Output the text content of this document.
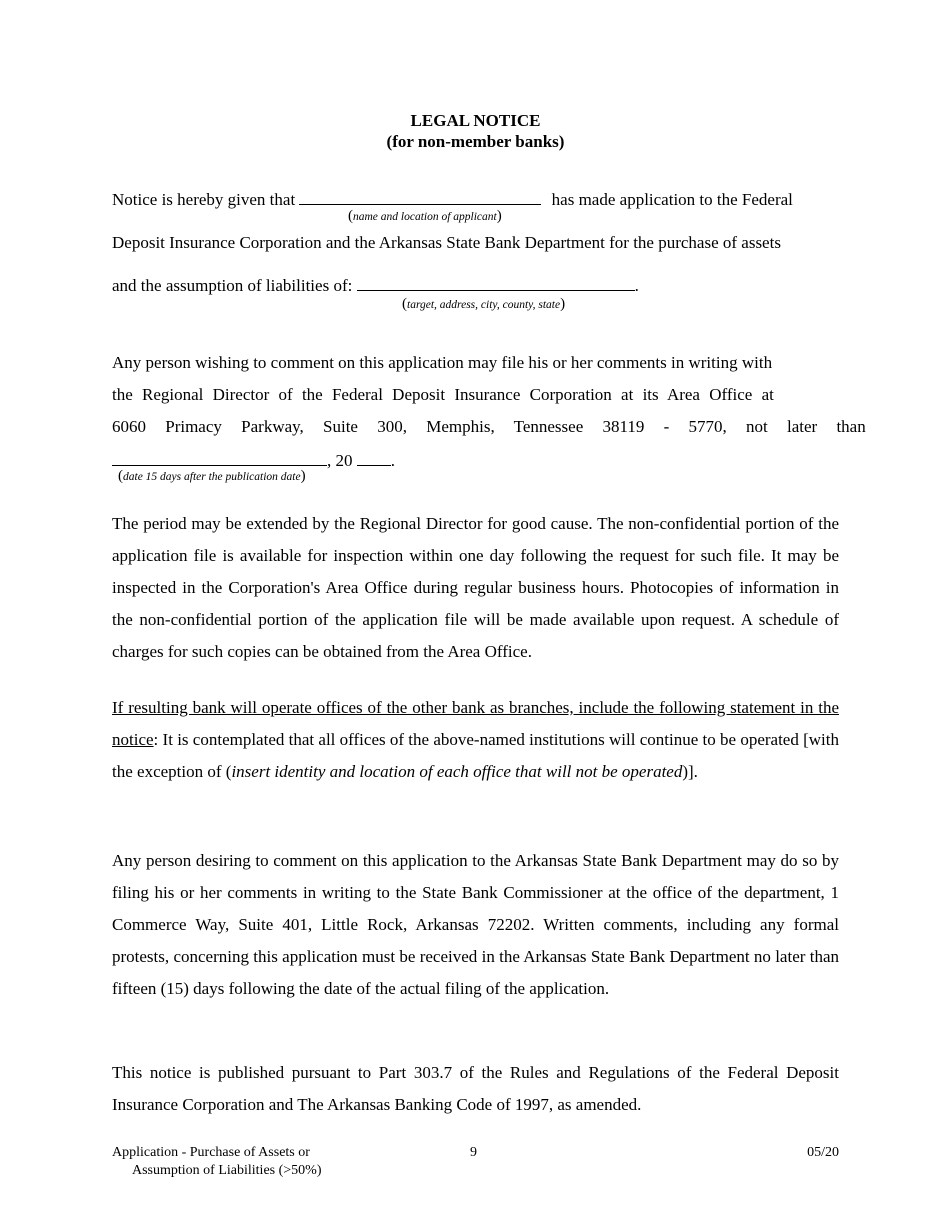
LEGAL NOTICE
(for non-member banks)
Notice is hereby given that	has made application to the Federal
(name and location of applicant)
Deposit Insurance Corporation and the Arkansas State Bank Department for the purchase of assets
and the assumption of liabilities of:	.
(target, address, city, county, state)
Any person wishing to comment on this application may file his or her comments in writing with
the Regional Director of the Federal Deposit Insurance Corporation at its Area Office at
6060 Primacy Parkway, Suite 300, Memphis, Tennessee 38119 - 5770, not later than
, 20 .
(date 15 days after the publication date)
The period may be extended by the Regional Director for good cause. The non-confidential portion of the application file is available for inspection within one day following the request for such file. It may be inspected in the Corporation's Area Office during regular business hours. Photocopies of information in the non-confidential portion of the application file will be made available upon request. A schedule of charges for such copies can be obtained from the Area Office.
If resulting bank will operate offices of the other bank as branches, include the following statement in the notice: It is contemplated that all offices of the above-named institutions will continue to be operated [with the exception of (insert identity and location of each office that will not be operated)].
Any person desiring to comment on this application to the Arkansas State Bank Department may do so by filing his or her comments in writing to the State Bank Commissioner at the office of the department, 1 Commerce Way, Suite 401, Little Rock, Arkansas 72202. Written comments, including any formal protests, concerning this application must be received in the Arkansas State Bank Department no later than fifteen (15) days following the date of the actual filing of the application.
This notice is published pursuant to Part 303.7 of the Rules and Regulations of the Federal Deposit Insurance Corporation and The Arkansas Banking Code of 1997, as amended.
Application - Purchase of Assets or
Assumption of Liabilities (>50%)
9	05/20
